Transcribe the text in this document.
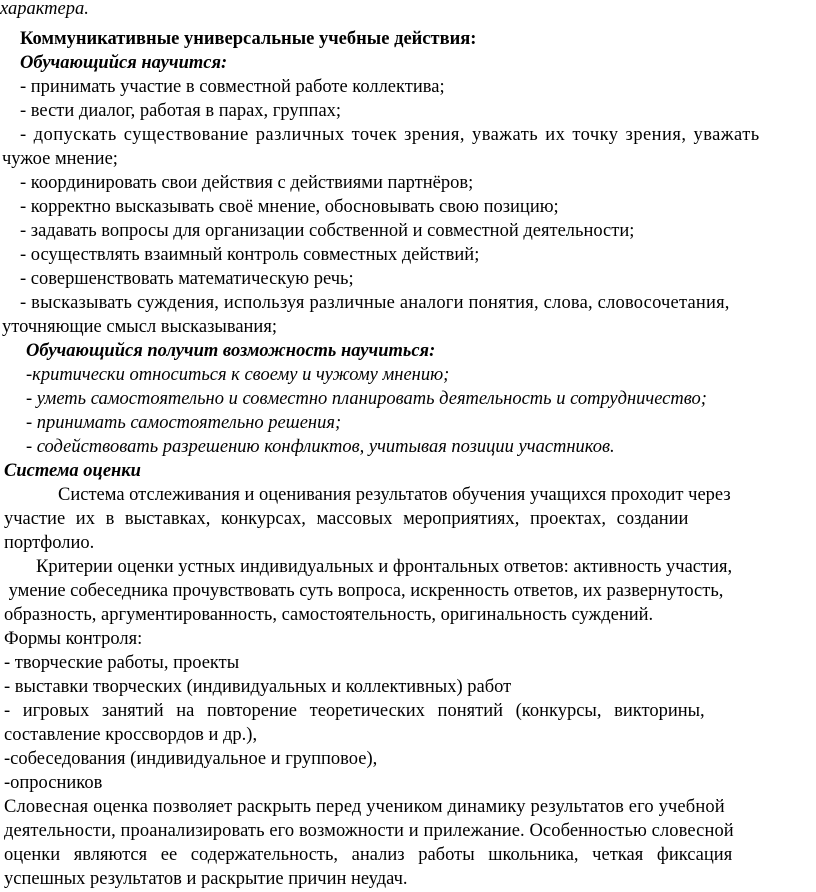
характера.

Коммуникативные универсальные учебные действия:

Обучающийся научится:

- принимать участие в совместной работе коллектива;

- вести диалог, работая в парах, группах;

- допускать существование различных точек зрения, уважать их точку зрения, уважать

чужое мнение;

- координировать свои действия с действиями партнёров;

- корректно высказывать своё мнение, обосновывать свою позицию;

- задавать вопросы для организации собственной и совместной деятельности;

- осуществлять взаимный контроль совместных действий;

- совершенствовать математическую речь;

- высказывать суждения, используя различные аналоги понятия, слова, словосочетания,

уточняющие смысл высказывания;

Обучающийся получит возможность научиться:

-критически относиться к своему и чужому мнению;

- уметь самостоятельно и совместно планировать деятельность и сотрудничество;

- принимать самостоятельно решения;

- содействовать разрешению конфликтов, учитывая позиции участников.

Система оценки

Система отслеживания и оценивания результатов обучения учащихся проходит через

участие их в выставках, конкурсах, массовых мероприятиях, проектах, создании

портфолио.

Критерии оценки устных индивидуальных и фронтальных ответов: активность участия,

умение собеседника прочувствовать суть вопроса, искренность ответов, их развернутость,

образность, аргументированность, самостоятельность, оригинальность суждений.

Формы контроля:

- творческие работы, проекты

- выставки творческих (индивидуальных и коллективных) работ

- игровых занятий на повторение теоретических понятий (конкурсы, викторины,

составление кроссвордов и др.),

-собеседования (индивидуальное и групповое),

-опросников

Словесная оценка позволяет раскрыть перед учеником динамику результатов его учебной

деятельности, проанализировать его возможности и прилежание. Особенностью словесной

оценки являются ее содержательность, анализ работы школьника, четкая фиксация

успешных результатов и раскрытие причин неудач.
